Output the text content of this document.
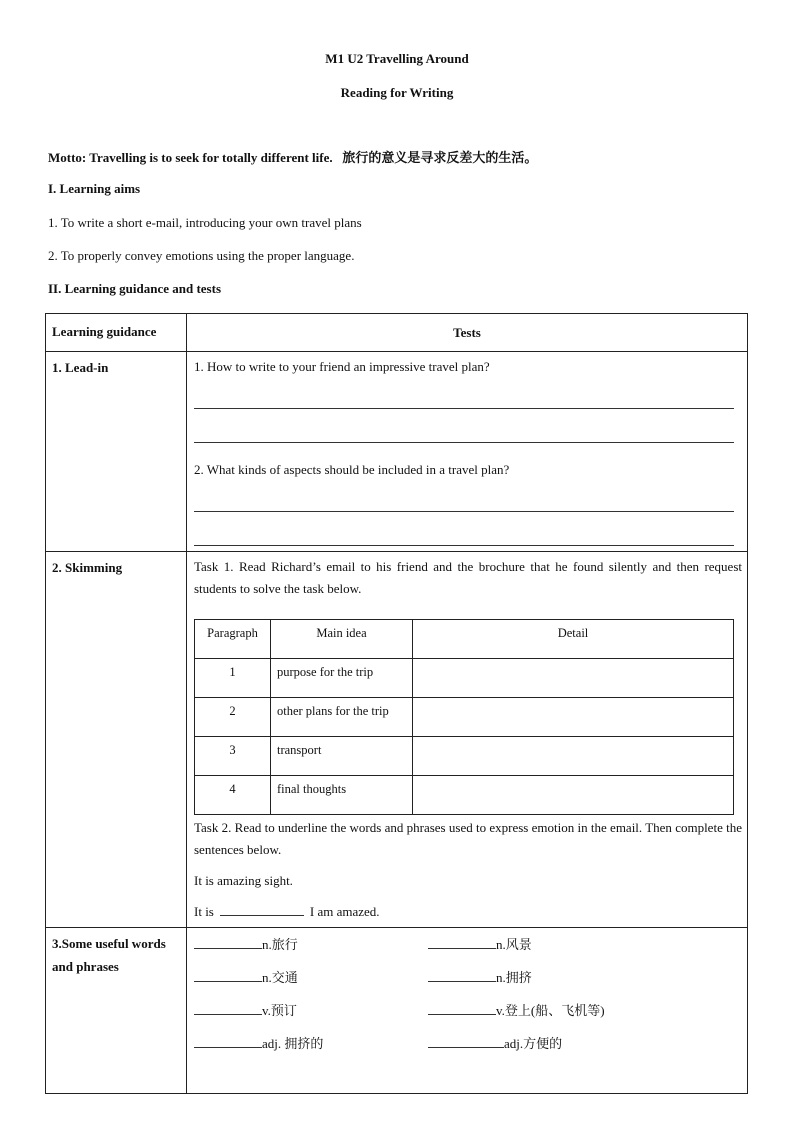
M1 U2 Travelling Around
Reading for Writing
Motto: Travelling is to seek for totally different life. 旅行的意义是寻求反差大的生活。
I. Learning aims
1. To write a short e-mail, introducing your own travel plans
2. To properly convey emotions using the proper language.
II. Learning guidance and tests
Learning guidance	Tests
1. Lead-in	1. How to write to your friend an impressive travel plan?
2. What kinds of aspects should be included in a travel plan?

2. Skimming	Task 1. Read Richard’s email to his friend and the brochure that he found silently and then request students to solve the task below.
Paragraph	Main idea	Detail
1	purpose for the trip	
2	other plans for the trip	
3	transport	
4	final thoughts	
Task 2. Read to underline the words and phrases used to express emotion in the email. Then complete the sentences below.
It is amazing sight.
It is	I am amazed.

3.Some useful words and phrases	
n.旅行	n.风景
n.交通	n.拥挤
v.预订	v.登上(船、飞机等)
adj. 拥挤的	adj.方便的
